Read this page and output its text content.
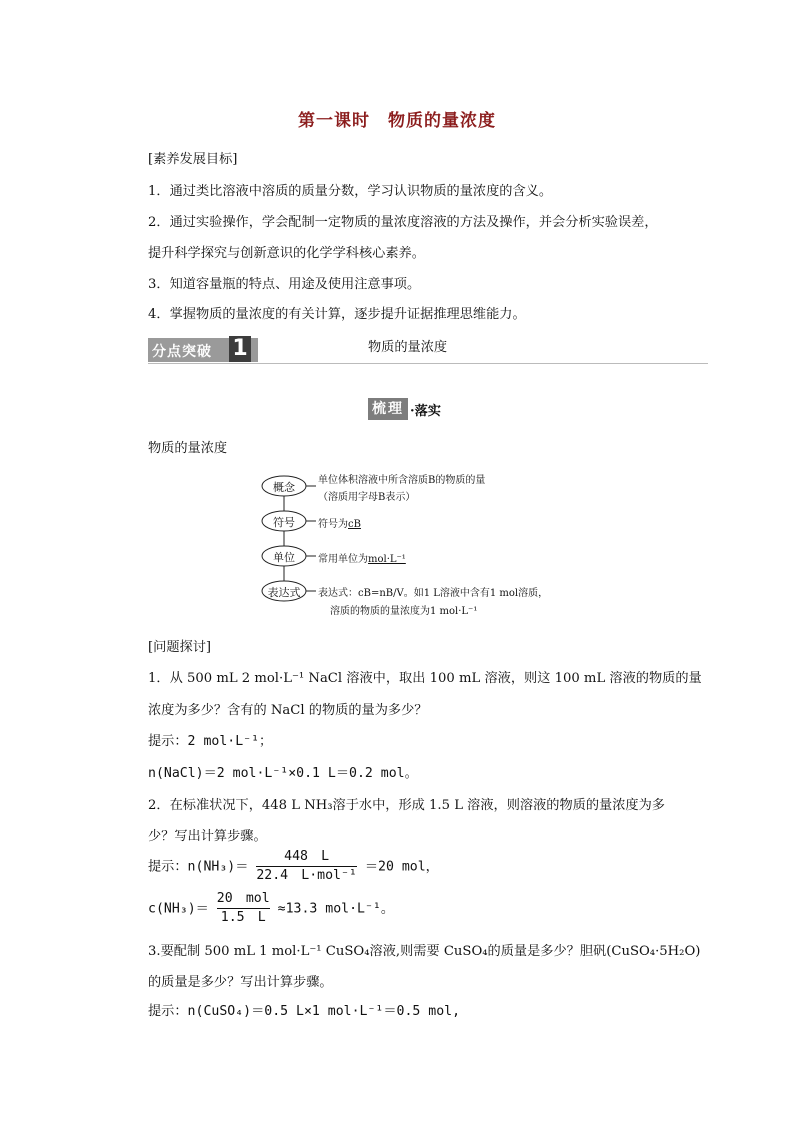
第一课时　物质的量浓度
[素养发展目标]
1．通过类比溶液中溶质的质量分数，学习认识物质的量浓度的含义。
2．通过实验操作，学会配制一定物质的量浓度溶液的方法及操作，并会分析实验误差，
提升科学探究与创新意识的化学学科核心素养。
3．知道容量瓶的特点、用途及使用注意事项。
4．掌握物质的量浓度的有关计算，逐步提升证据推理思维能力。
分点突破 1	物质的量浓度
梳理 ·落实
物质的量浓度
概念
符号
单位
表达式
单位体积溶液中所含溶质B的物质的量
（溶质用字母B表示）
符号为cB
常用单位为mol·L⁻¹
表达式：cB=nB/V。如1 L溶液中含有1 mol溶质，
溶质的物质的量浓度为1 mol·L⁻¹
[问题探讨]
1．从 500 mL 2 mol·L⁻¹ NaCl 溶液中，取出 100 mL 溶液，则这 100 mL 溶液的物质的量
浓度为多少？含有的 NaCl 的物质的量为多少？
提示：2 mol·L⁻¹；
n(NaCl)＝2 mol·L⁻¹×0.1 L＝0.2 mol。
2．在标准状况下，448 L NH₃溶于水中，形成 1.5 L 溶液，则溶液的物质的量浓度为多
少？写出计算步骤。
提示：$n(NH_3)= \frac{448 L}{\text{22.4　L·mol⁻¹}} =20$ mol，
$c(NH_3)= \frac{\text{20　mol}}{1.5 L} \approx 13.3$ mol·L⁻¹。
3.要配制 500 mL 1 mol·L⁻¹ CuSO₄溶液,则需要 CuSO₄的质量是多少？胆矾(CuSO₄·5H₂O)
的质量是多少？写出计算步骤。
提示：n(CuSO₄)＝0.5 L×1 mol·L⁻¹＝0.5 mol,
